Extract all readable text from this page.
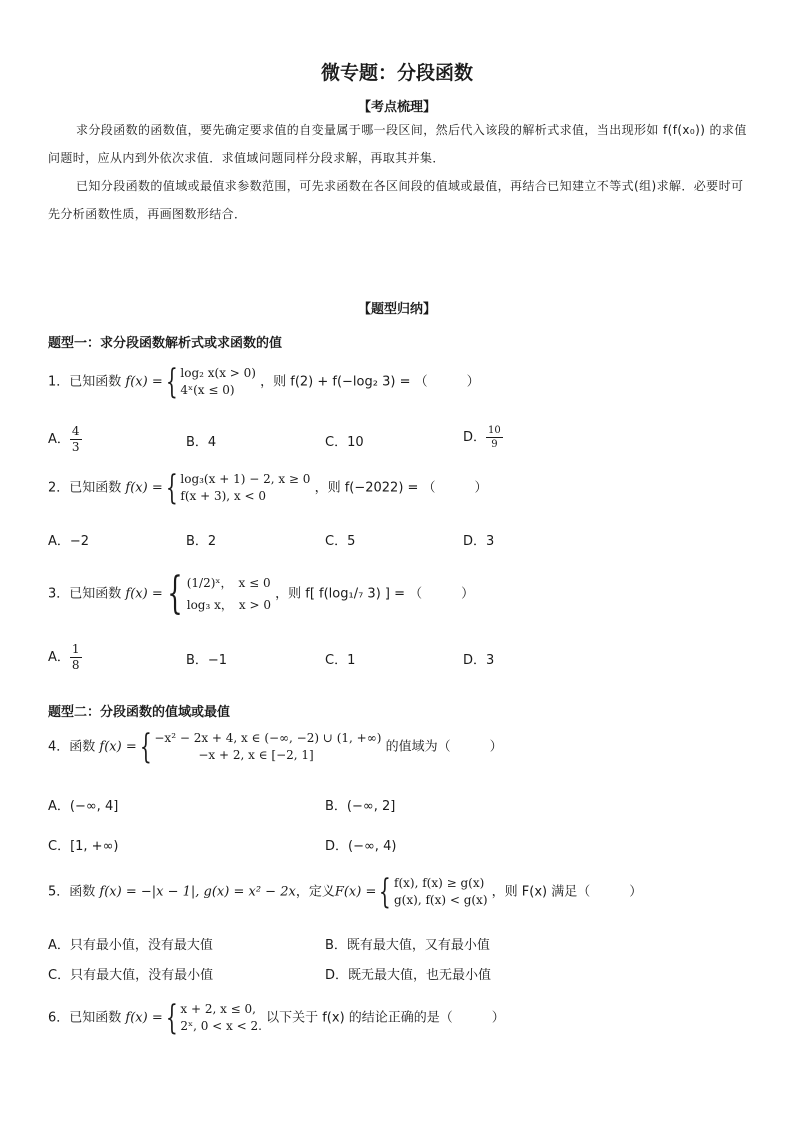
微专题：分段函数
【考点梳理】
求分段函数的函数值，要先确定要求值的自变量属于哪一段区间，然后代入该段的解析式求值，当出现形如 f(f(x₀)) 的求值问题时，应从内到外依次求值．求值域问题同样分段求解，再取其并集．
已知分段函数的值域或最值求参数范围，可先求函数在各区间段的值域或最值，再结合已知建立不等式(组)求解．必要时可先分析函数性质，再画图数形结合．
【题型归纳】
题型一：求分段函数解析式或求函数的值
1．已知函数 f(x) ={ log₂ x(x > 0)
4ˣ(x ≤ 0)
，则 f(2) + f(−log₂ 3) = （　　　）
A． $\frac{4}{3}$	B．4	C．10	D． $\frac{10}{9}$
2．已知函数 f(x) ={ log₃(x + 1) − 2, x ≥ 0
f(x + 3), x < 0
，则 f(−2022) = （　　　）
A．−2	B．2	C．5	D．3
3．已知函数 f(x) ={ (1/2)ˣ，　x ≤ 0
log₃ x，　x > 0
，则 f[ f(log₁/₇ 3) ] = （　　　）
A． $\frac{1}{8}$	B．−1	C．1	D．3
题型二：分段函数的值域或最值
4．函数 f(x) ={ −x² − 2x + 4, x ∈ (−∞, −2) ∪ (1, +∞)
−x + 2, x ∈ [−2, 1]
的值域为（　　　）
A．(−∞, 4]	B．(−∞, 2]
C．[1, +∞)	D．(−∞, 4)
5．函数 f(x) = −|x − 1|, g(x) = x² − 2x，定义F(x) ={ f(x), f(x) ≥ g(x)
g(x), f(x) < g(x)
，则 F(x) 满足（　　　）
A．只有最小值，没有最大值	B．既有最大值，又有最小值
C．只有最大值，没有最小值	D．既无最大值，也无最小值
6．已知函数 f(x) ={ x + 2, x ≤ 0,
2ˣ, 0 < x < 2.
以下关于 f(x) 的结论正确的是（　　　）
